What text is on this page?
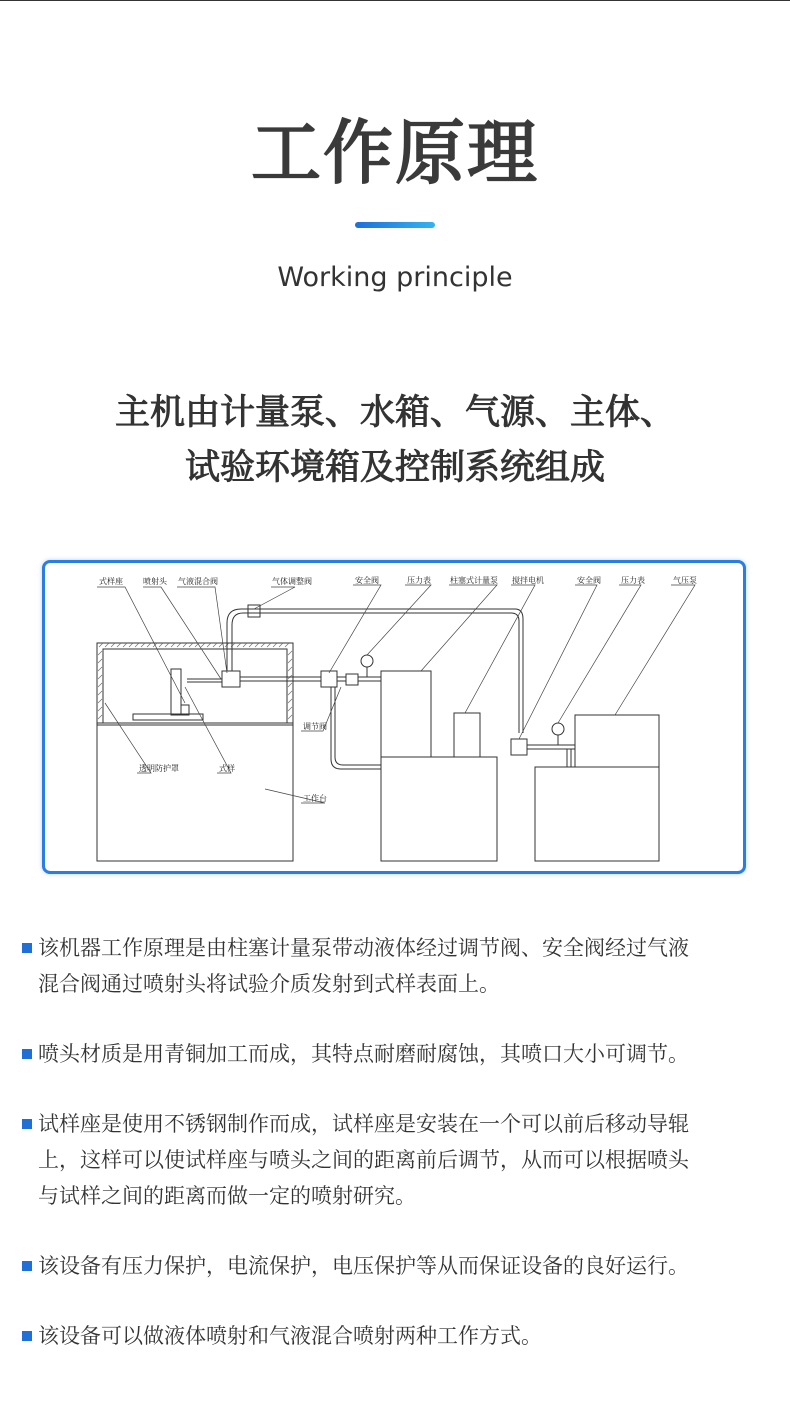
工作原理
Working principle
主机由计量泵、水箱、气源、主体、
试验环境箱及控制系统组成
式样座	喷射头 气液混合阀	气体调整阀	安全阀	压力表 柱塞式计量泵 搅拌电机	安全阀	压力表	气压泵
调节阀
透明防护罩	式样
工作台
该机器工作原理是由柱塞计量泵带动液体经过调节阀、安全阀经过气液
混合阀通过喷射头将试验介质发射到式样表面上。
喷头材质是用青铜加工而成，其特点耐磨耐腐蚀，其喷口大小可调节。
试样座是使用不锈钢制作而成，试样座是安装在一个可以前后移动导辊
上，这样可以使试样座与喷头之间的距离前后调节，从而可以根据喷头
与试样之间的距离而做一定的喷射研究。
该设备有压力保护，电流保护，电压保护等从而保证设备的良好运行。
该设备可以做液体喷射和气液混合喷射两种工作方式。
